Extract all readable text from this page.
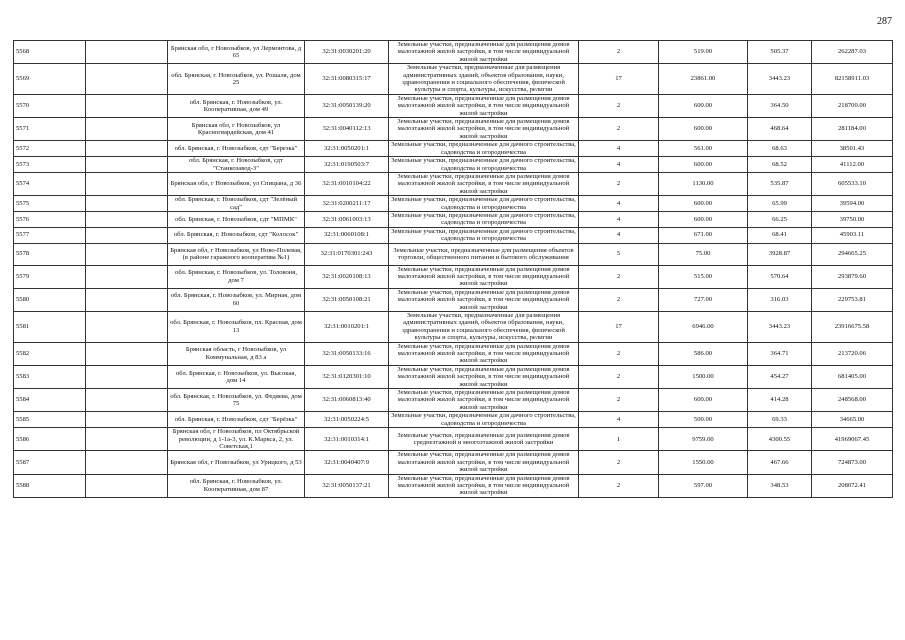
287
5568		Брянская обл, г Новозыбков, ул Лермонтова, д 65	32:31:0030201:20	Земельные участки, предназначенные для размещения домов малоэтажной жилой застройки, в том числе индивидуальной жилой застройки	2	519.00	505.37	262287.03
5569		обл. Брянская, г. Новозыбков, ул. Рошаля, дом 25	32:31:0080315:17	Земельные участки, предназначенные для размещения административных зданий, объектов образования, науки, здравоохранения и социального обеспечения, физической культуры и спорта, культуры, искусства, религии	17	23861.00	3443.23	82158911.03
5570		обл. Брянская, г. Новозыбков, ул. Кооперативная, дом 49	32:31:0050139:20	Земельные участки, предназначенные для размещения домов малоэтажной жилой застройки, в том числе индивидуальной жилой застройки	2	600.00	364.50	218700.00
5571		Брянская обл, г Новозыбков, ул Красногвардейская, дом 41	32:31:0040112:13	Земельные участки, предназначенные для размещения домов малоэтажной жилой застройки, в том числе индивидуальной жилой застройки	2	600.00	468.64	281184.00
5572		обл. Брянская, г. Новозыбков, сдт "Березка"	32:31:0050201:1	Земельные участки, предназначенные для дачного строительства, садоводства и огородничества	4	561.00	68.63	38501.43
5573		обл. Брянская, г. Новозыбков, сдт "Станкозавод-3"	32:31:0190503:7	Земельные участки, предназначенные для дачного строительства, садоводства и огородничества	4	600.00	68.52	41112.00
5574		Брянская обл, г Новозыбков, ул Спицына, д 36	32:31:0010104:22	Земельные участки, предназначенные для размещения домов малоэтажной жилой застройки, в том числе индивидуальной жилой застройки	2	1130.00	535.87	605533.10
5575		обл. Брянская, г. Новозыбков, сдт "Зелёный сад"	32:31:0200211:17	Земельные участки, предназначенные для дачного строительства, садоводства и огородничества	4	600.00	65.99	39594.00
5576		обл. Брянская, г. Новозыбков, сдт "МПМК"	32:31:0061003:13	Земельные участки, предназначенные для дачного строительства, садоводства и огородничества	4	600.00	66.25	39750.00
5577		обл. Брянская, г. Новозыбков, сдт "Колосок"	32:31:0060108:1	Земельные участки, предназначенные для дачного строительства, садоводства и огородничества	4	671.00	68.41	45903.11
5578		Брянская обл, г Новозыбков, ул Ново-Полевая, (в районе гаражного кооператива №1)	32:31:0170301:243	Земельные участки, предназначенные для размещения объектов торговли, общественного питания и бытового обслуживания	5	75.00	3928.87	294665.25
5579		обл. Брянская, г. Новозыбков, ул. Толоконя, дом 7	32:31:0020108:13	Земельные участки, предназначенные для размещения домов малоэтажной жилой застройки, в том числе индивидуальной жилой застройки	2	515.00	570.64	293879.60
5580		обл. Брянская, г. Новозыбков, ул. Мирная, дом 60	32:31:0050108:21	Земельные участки, предназначенные для размещения домов малоэтажной жилой застройки, в том числе индивидуальной жилой застройки	2	727.00	316.03	229753.81
5581		обл. Брянская, г. Новозыбков, пл. Красная, дом 13	32:31:0010201:1	Земельные участки, предназначенные для размещения административных зданий, объектов образования, науки, здравоохранения и социального обеспечения, физической культуры и спорта, культуры, искусства, религии	17	6946.00	3443.23	23916675.58
5582		Брянская область, г Новозыбков, ул Коммунальная, д 83 а	32:31:0050133:16	Земельные участки, предназначенные для размещения домов малоэтажной жилой застройки, в том числе индивидуальной жилой застройки	2	586.00	364.71	213720.06
5583		обл. Брянская, г. Новозыбков, ул. Высокая, дом 14	32:31:0120301:10	Земельные участки, предназначенные для размещения домов малоэтажной жилой застройки, в том числе индивидуальной жилой застройки	2	1500.00	454.27	681405.00
5584		обл. Брянская, г. Новозыбков, ул. Федяева, дом 75	32:31:0060813:40	Земельные участки, предназначенные для размещения домов малоэтажной жилой застройки, в том числе индивидуальной жилой застройки	2	600.00	414.28	248568.00
5585		обл. Брянская, г. Новозыбков, сдт "Берёзка"	32:31:0050224:5	Земельные участки, предназначенные для дачного строительства, садоводства и огородничества	4	500.00	69.33	34665.00
5586		Брянская обл, г Новозыбков, пл Октябрьской революции, д 1-1а-3, ул. К.Маркса, 2, ул. Советская,1	32:31:0010314:1	Земельные участки, предназначенные для размещения домов среднеэтажной и многоэтажной жилой застройки	1	9759.00	4300.55	41969067.45
5587		Брянская обл, г Новозыбков, ул Урицкого, д 53	32:31:0040407:9	Земельные участки, предназначенные для размещения домов малоэтажной жилой застройки, в том числе индивидуальной жилой застройки	2	1550.00	467.66	724873.00
5588		обл. Брянская, г. Новозыбков, ул. Кооперативная, дом 87	32:31:0050137:21	Земельные участки, предназначенные для размещения домов малоэтажной жилой застройки, в том числе индивидуальной жилой застройки	2	597.00	348.53	208072.41
